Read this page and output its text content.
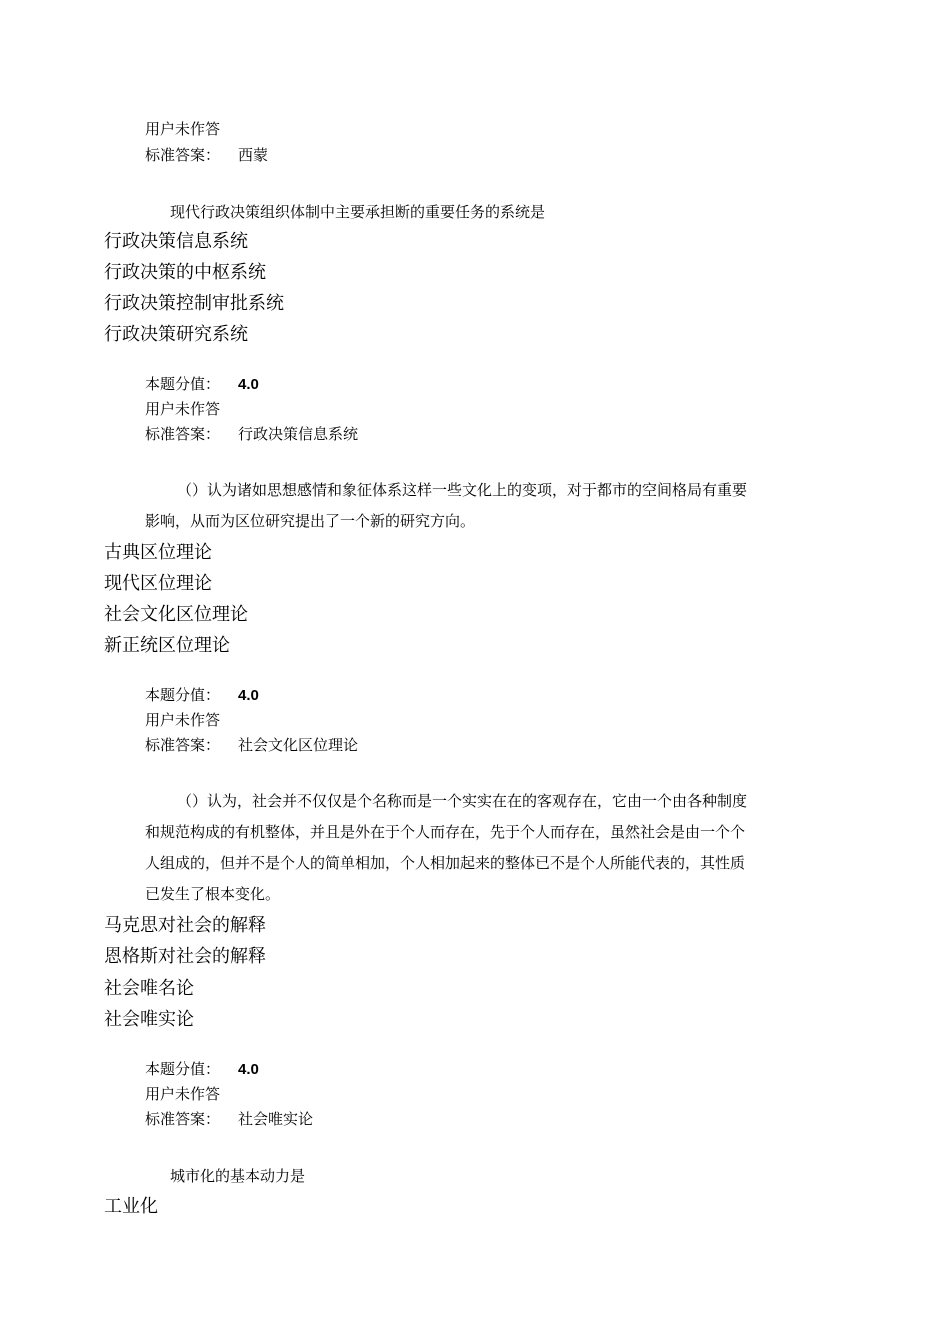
用户未作答
标准答案： 西蒙
现代行政决策组织体制中主要承担断的重要任务的系统是
行政决策信息系统
行政决策的中枢系统
行政决策控制审批系统
行政决策研究系统
本题分值： 4.0
用户未作答
标准答案： 行政决策信息系统
（）认为诸如思想感情和象征体系这样一些文化上的变项，对于都市的空间格局有重要
影响，从而为区位研究提出了一个新的研究方向。
古典区位理论
现代区位理论
社会文化区位理论
新正统区位理论
本题分值： 4.0
用户未作答
标准答案： 社会文化区位理论
（）认为，社会并不仅仅是个名称而是一个实实在在的客观存在，它由一个由各种制度
和规范构成的有机整体，并且是外在于个人而存在，先于个人而存在，虽然社会是由一个个
人组成的，但并不是个人的简单相加，个人相加起来的整体已不是个人所能代表的，其性质
已发生了根本变化。
马克思对社会的解释
恩格斯对社会的解释
社会唯名论
社会唯实论
本题分值： 4.0
用户未作答
标准答案： 社会唯实论
城市化的基本动力是
工业化
